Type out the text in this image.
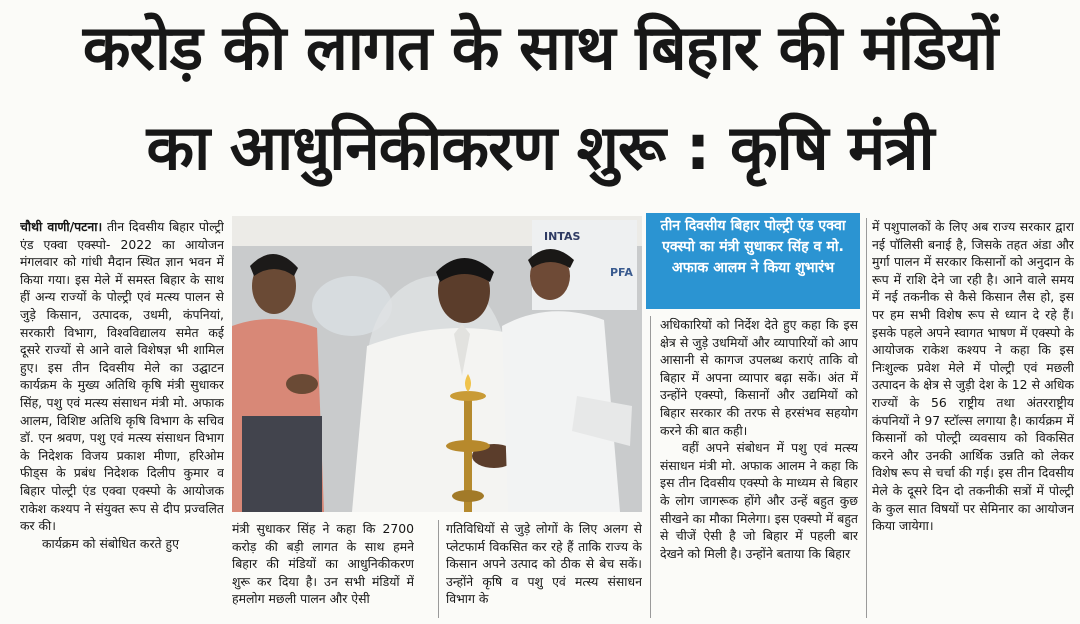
करोड़ की लागत के साथ बिहार की मंडियों
का आधुनिकीकरण शुरू : कृषि मंत्री

चौथी वाणी/पटना। तीन दिवसीय बिहार पोल्ट्री एंड एक्वा एक्स्पो- 2022 का आयोजन मंगलवार को गांधी मैदान स्थित ज्ञान भवन में किया गया। इस मेले में समस्त बिहार के साथ हीं अन्य राज्यों के पोल्ट्री एवं मत्स्य पालन से जुड़े किसान, उत्पादक, उधमी, कंपनियां, सरकारी विभाग, विश्वविद्यालय समेत कई दूसरे राज्यों से आने वाले विशेषज्ञ भी शामिल हुए। इस तीन दिवसीय मेले का उद्घाटन कार्यक्रम के मुख्य अतिथि कृषि मंत्री सुधाकर सिंह, पशु एवं मत्स्य संसाधन मंत्री मो. अफाक आलम, विशिष्ट अतिथि कृषि विभाग के सचिव डॉ. एन श्रवण, पशु एवं मत्स्य संसाधन विभाग के निदेशक विजय प्रकाश मीणा, हरिओम फीड्स के प्रबंध निदेशक दिलीप कुमार व बिहार पोल्ट्री एंड एक्वा एक्स्पो के आयोजक राकेश कश्यप ने संयुक्त रूप से दीप प्रज्वलित कर की।

कार्यक्रम को संबोधित करते हुए

INTAS
PFA

मंत्री सुधाकर सिंह ने कहा कि 2700 करोड़ की बड़ी लागत के साथ हमने बिहार की मंडियों का आधुनिकीकरण शुरू कर दिया है। उन सभी मंडियों में हमलोग मछली पालन और ऐसी

गतिविधियों से जुड़े लोगों के लिए अलग से प्लेटफार्म विकसित कर रहे हैं ताकि राज्य के किसान अपने उत्पाद को ठीक से बेच सकें। उन्होंने कृषि व पशु एवं मत्स्य संसाधन विभाग के

तीन दिवसीय बिहार पोल्ट्री एंड एक्वा एक्स्पो का मंत्री सुधाकर सिंह व मो. अफाक आलम ने किया शुभारंभ

अधिकारियों को निर्देश देते हुए कहा कि इस क्षेत्र से जुड़े उधमियों और व्यापारियों को आप आसानी से कागज उपलब्ध कराएं ताकि वो बिहार में अपना व्यापार बढ़ा सकें। अंत में उन्होंने एक्स्पो, किसानों और उद्यमियों को बिहार सरकार की तरफ से हरसंभव सहयोग करने की बात कही।

वहीं अपने संबोधन में पशु एवं मत्स्य संसाधन मंत्री मो. अफाक आलम ने कहा कि इस तीन दिवसीय एक्स्पो के माध्यम से बिहार के लोग जागरूक होंगे और उन्हें बहुत कुछ सीखने का मौका मिलेगा। इस एक्स्पो में बहुत से चीजें ऐसी है जो बिहार में पहली बार देखने को मिली है। उन्होंने बताया कि बिहार

में पशुपालकों के लिए अब राज्य सरकार द्वारा नई पॉलिसी बनाई है, जिसके तहत अंडा और मुर्गा पालन में सरकार किसानों को अनुदान के रूप में राशि देने जा रही है। आने वाले समय में नई तकनीक से कैसे किसान लैस हो, इस पर हम सभी विशेष रूप से ध्यान दे रहे हैं। इसके पहले अपने स्वागत भाषण में एक्स्पो के आयोजक राकेश कश्यप ने कहा कि इस निःशुल्क प्रवेश मेले में पोल्ट्री एवं मछली उत्पादन के क्षेत्र से जुड़ी देश के 12 से अधिक राज्यों के 56 राष्ट्रीय तथा अंतरराष्ट्रीय कंपनियों ने 97 स्टॉल्स लगाया है। कार्यक्रम में किसानों को पोल्ट्री व्यवसाय को विकसित करने और उनकी आर्थिक उन्नति को लेकर विशेष रूप से चर्चा की गई। इस तीन दिवसीय मेले के दूसरे दिन दो तकनीकी सत्रों में पोल्ट्री के कुल सात विषयों पर सेमिनार का आयोजन किया जायेगा।
